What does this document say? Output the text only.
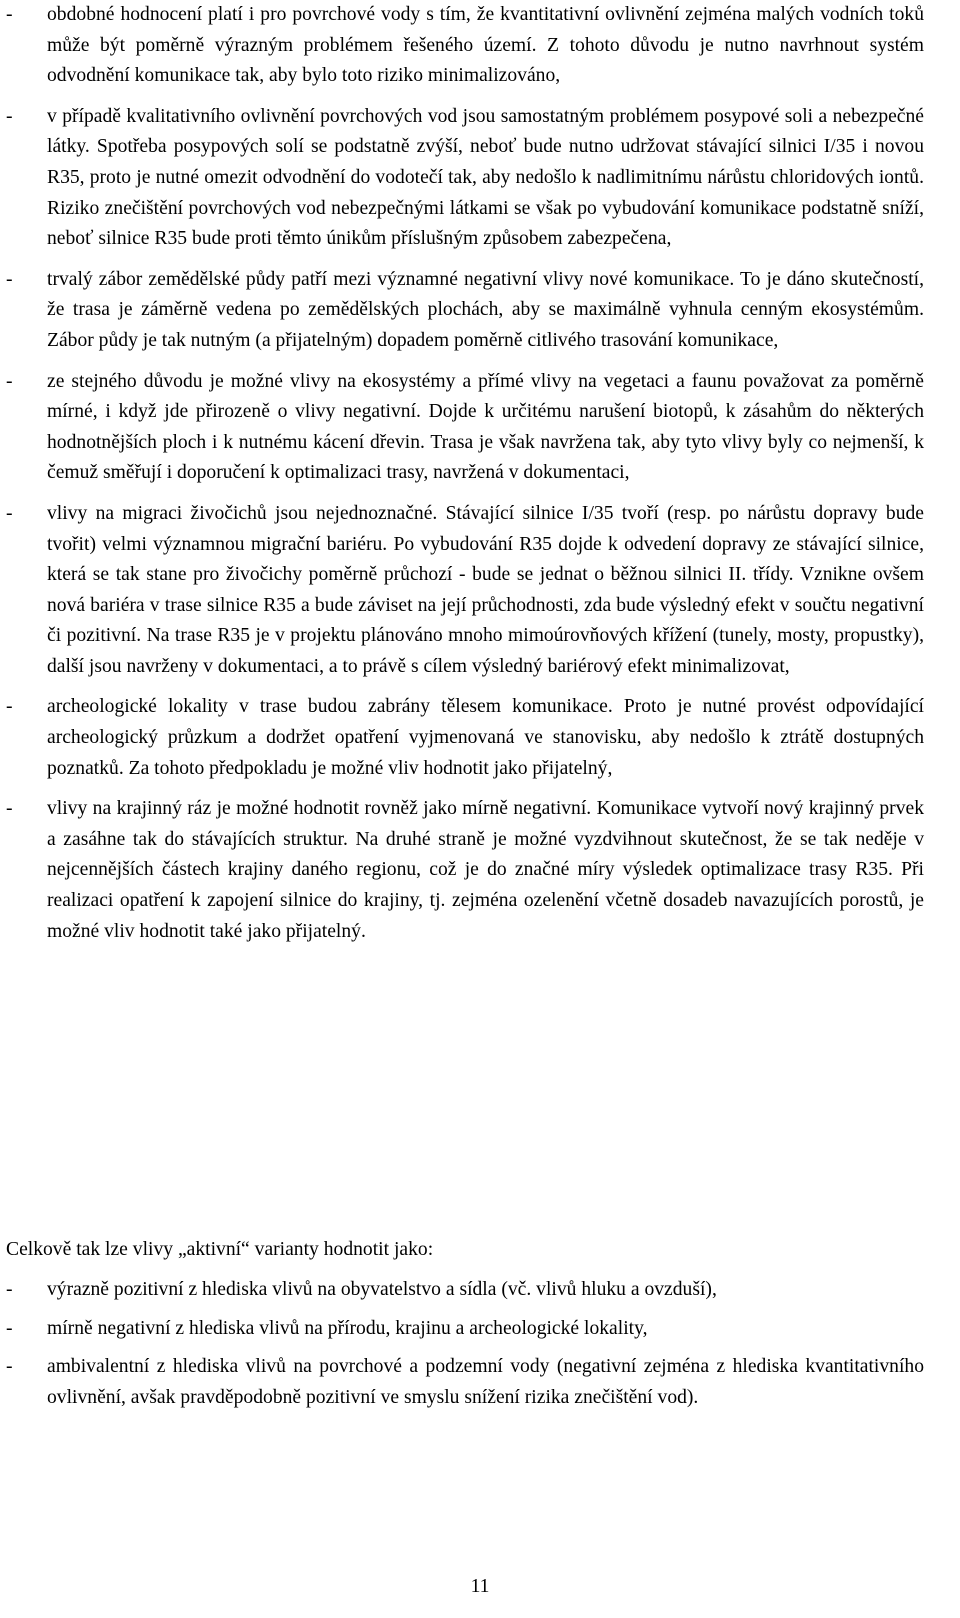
- obdobné hodnocení platí i pro povrchové vody s tím, že kvantitativní ovlivnění zejména malých vodních toků může být poměrně výrazným problémem řešeného území. Z tohoto důvodu je nutno navrhnout systém odvodnění komunikace tak, aby bylo toto riziko minimalizováno,
- v případě kvalitativního ovlivnění povrchových vod jsou samostatným problémem posypové soli a nebezpečné látky. Spotřeba posypových solí se podstatně zvýší, neboť bude nutno udržovat stávající silnici I/35 i novou R35, proto je nutné omezit odvodnění do vodotečí tak, aby nedošlo k nadlimitnímu nárůstu chloridových iontů. Riziko znečištění povrchových vod nebezpečnými látkami se však po vybudování komunikace podstatně sníží, neboť silnice R35 bude proti těmto únikům příslušným způsobem zabezpečena,
- trvalý zábor zemědělské půdy patří mezi významné negativní vlivy nové komunikace. To je dáno skutečností, že trasa je záměrně vedena po zemědělských plochách, aby se maximálně vyhnula cenným ekosystémům. Zábor půdy je tak nutným (a přijatelným) dopadem poměrně citlivého trasování komunikace,
- ze stejného důvodu je možné vlivy na ekosystémy a přímé vlivy na vegetaci a faunu považovat za poměrně mírné, i když jde přirozeně o vlivy negativní. Dojde k určitému narušení biotopů, k zásahům do některých hodnotnějších ploch i k nutnému kácení dřevin. Trasa je však navržena tak, aby tyto vlivy byly co nejmenší, k čemuž směřují i doporučení k optimalizaci trasy, navržená v dokumentaci,
- vlivy na migraci živočichů jsou nejednoznačné. Stávající silnice I/35 tvoří (resp. po nárůstu dopravy bude tvořit) velmi významnou migrační bariéru. Po vybudování R35 dojde k odvedení dopravy ze stávající silnice, která se tak stane pro živočichy poměrně průchozí - bude se jednat o běžnou silnici II. třídy. Vznikne ovšem nová bariéra v trase silnice R35 a bude záviset na její průchodnosti, zda bude výsledný efekt v součtu negativní či pozitivní. Na trase R35 je v projektu plánováno mnoho mimoúrovňových křížení (tunely, mosty, propustky), další jsou navrženy v dokumentaci, a to právě s cílem výsledný bariérový efekt minimalizovat,
- archeologické lokality v trase budou zabrány tělesem komunikace. Proto je nutné provést odpovídající archeologický průzkum a dodržet opatření vyjmenovaná ve stanovisku, aby nedošlo k ztrátě dostupných poznatků. Za tohoto předpokladu je možné vliv hodnotit jako přijatelný,
- vlivy na krajinný ráz je možné hodnotit rovněž jako mírně negativní. Komunikace vytvoří nový krajinný prvek a zasáhne tak do stávajících struktur. Na druhé straně je možné vyzdvihnout skutečnost, že se tak neděje v nejcennějších částech krajiny daného regionu, což je do značné míry výsledek optimalizace trasy R35. Při realizaci opatření k zapojení silnice do krajiny, tj. zejména ozelenění včetně dosadeb navazujících porostů, je možné vliv hodnotit také jako přijatelný.

Celkově tak lze vlivy „aktivní“ varianty hodnotit jako:

- výrazně pozitivní z hlediska vlivů na obyvatelstvo a sídla (vč. vlivů hluku a ovzduší),
- mírně negativní z hlediska vlivů na přírodu, krajinu a archeologické lokality,
- ambivalentní z hlediska vlivů na povrchové a podzemní vody (negativní zejména z hlediska kvantitativního ovlivnění, avšak pravděpodobně pozitivní ve smyslu snížení rizika znečištění vod).
11
